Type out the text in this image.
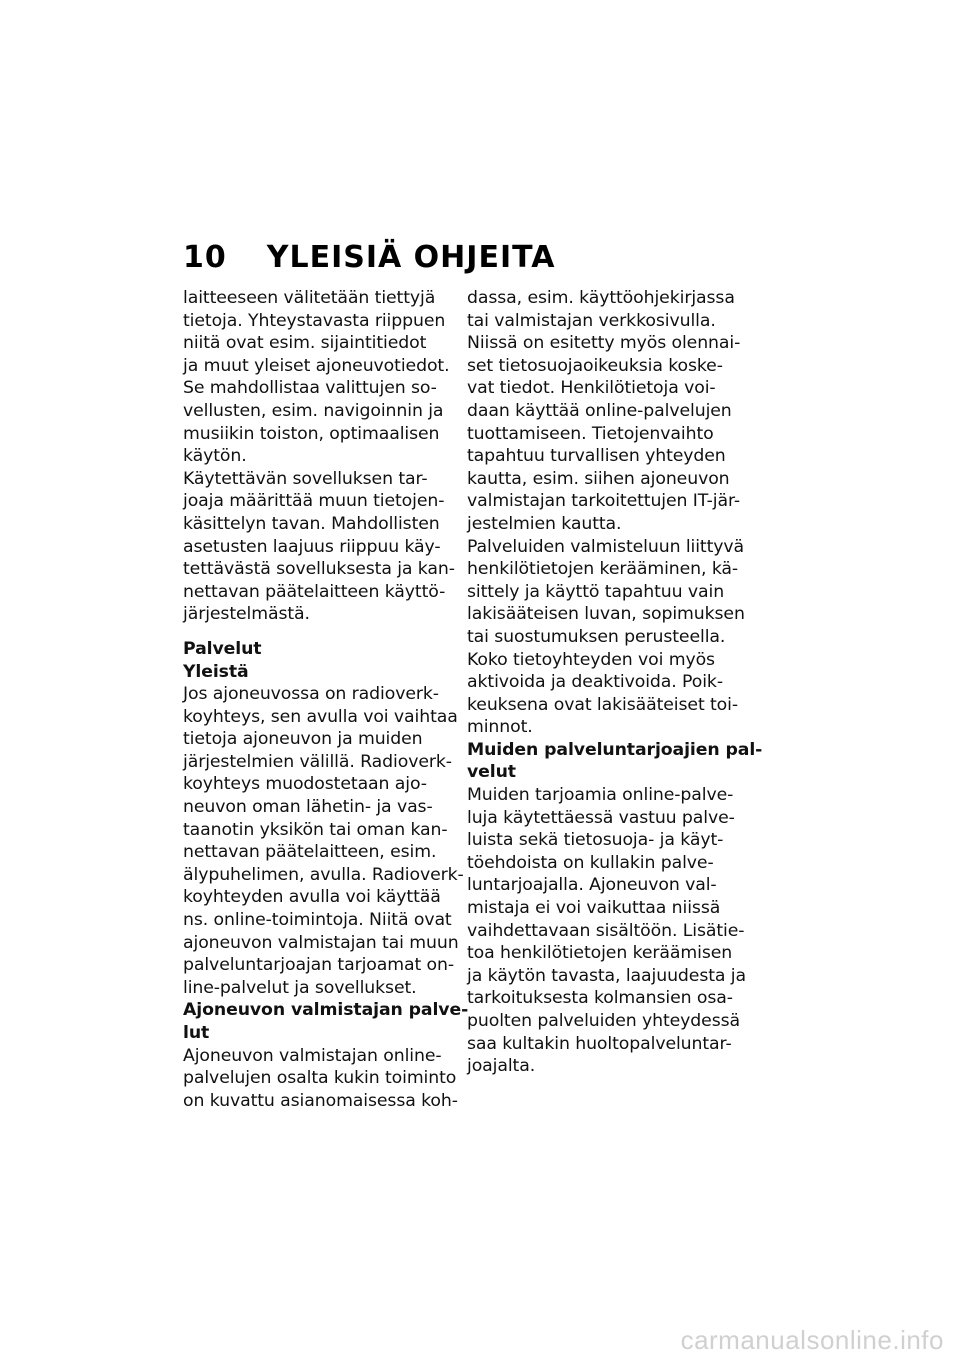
10 YLEISIÄ OHJEITA
laitteeseen välitetään tiettyjä
tietoja. Yhteystavasta riippuen
niitä ovat esim. sijaintitiedot
ja muut yleiset ajoneuvotiedot.
Se mahdollistaa valittujen so-
vellusten, esim. navigoinnin ja
musiikin toiston, optimaalisen
käytön.
Käytettävän sovelluksen tar-
joaja määrittää muun tietojen-
käsittelyn tavan. Mahdollisten
asetusten laajuus riippuu käy-
tettävästä sovelluksesta ja kan-
nettavan päätelaitteen käyttö-
järjestelmästä.
Palvelut
Yleistä
Jos ajoneuvossa on radioverk-
koyhteys, sen avulla voi vaihtaa
tietoja ajoneuvon ja muiden
järjestelmien välillä. Radioverk-
koyhteys muodostetaan ajo-
neuvon oman lähetin- ja vas-
taanotin yksikön tai oman kan-
nettavan päätelaitteen, esim.
älypuhelimen, avulla. Radioverk-
koyhteyden avulla voi käyttää
ns. online-toimintoja. Niitä ovat
ajoneuvon valmistajan tai muun
palveluntarjoajan tarjoamat on-
line-palvelut ja sovellukset.
Ajoneuvon valmistajan palve-
lut
Ajoneuvon valmistajan online-
palvelujen osalta kukin toiminto
on kuvattu asianomaisessa koh-
dassa, esim. käyttöohjekirjassa
tai valmistajan verkkosivulla.
Niissä on esitetty myös olennai-
set tietosuojaoikeuksia koske-
vat tiedot. Henkilötietoja voi-
daan käyttää online-palvelujen
tuottamiseen. Tietojenvaihto
tapahtuu turvallisen yhteyden
kautta, esim. siihen ajoneuvon
valmistajan tarkoitettujen IT-jär-
jestelmien kautta.
Palveluiden valmisteluun liittyvä
henkilötietojen kerääminen, kä-
sittely ja käyttö tapahtuu vain
lakisääteisen luvan, sopimuksen
tai suostumuksen perusteella.
Koko tietoyhteyden voi myös
aktivoida ja deaktivoida. Poik-
keuksena ovat lakisääteiset toi-
minnot.
Muiden palveluntarjoajien pal-
velut
Muiden tarjoamia online-palve-
luja käytettäessä vastuu palve-
luista sekä tietosuoja- ja käyt-
töehdoista on kullakin palve-
luntarjoajalla. Ajoneuvon val-
mistaja ei voi vaikuttaa niissä
vaihdettavaan sisältöön. Lisätie-
toa henkilötietojen keräämisen
ja käytön tavasta, laajuudesta ja
tarkoituksesta kolmansien osa-
puolten palveluiden yhteydessä
saa kultakin huoltopalveluntar-
joajalta.
carmanualsonline.info
